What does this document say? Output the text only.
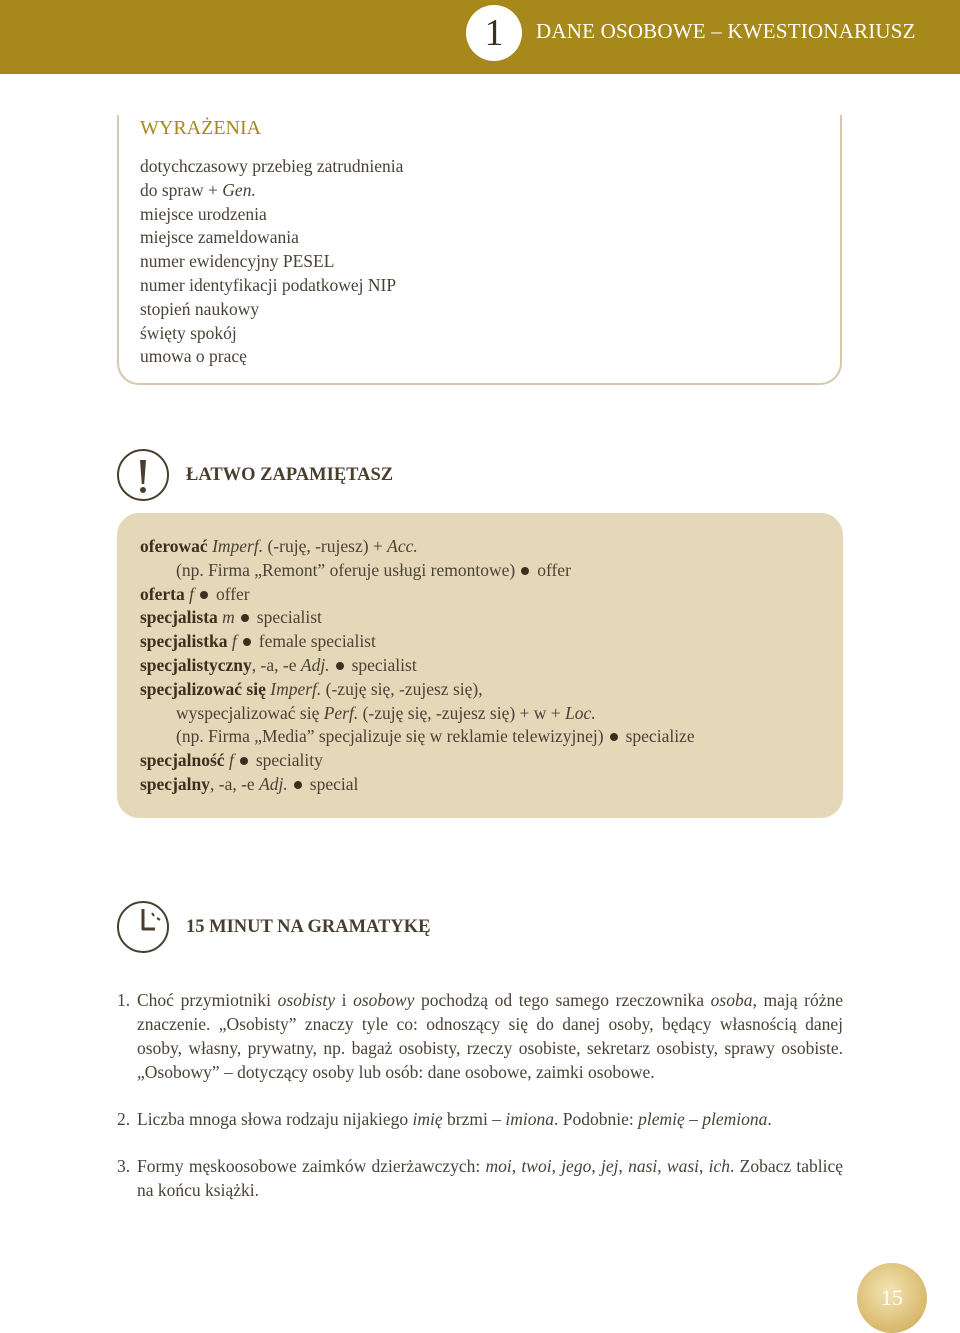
1	DANE OSOBOWE – KWESTIONARIUSZ
WYRAŻENIA
dotychczasowy przebieg zatrudnienia
do spraw + Gen.
miejsce urodzenia
miejsce zameldowania
numer ewidencyjny PESEL
numer identyfikacji podatkowej NIP
stopień naukowy
święty spokój
umowa o pracę
ŁATWO ZAPAMIĘTASZ
oferować Imperf. (-ruję, -rujesz) + Acc.
(np. Firma „Remont” oferuje usługi remontowe) offer
oferta f offer
specjalista m specialist
specjalistka f female specialist
specjalistyczny, -a, -e Adj. specialist
specjalizować się Imperf. (-zuję się, -zujesz się),
wyspecjalizować się Perf. (-zuję się, -zujesz się) + w + Loc.
(np. Firma „Media” specjalizuje się w reklamie telewizyjnej) specialize
specjalność f speciality
specjalny, -a, -e Adj. special
15 MINUT NA GRAMATYKĘ
1. Choć przymiotniki osobisty i osobowy pochodzą od tego samego rzeczownika osoba, mają różne znaczenie. „Osobisty” znaczy tyle co: odnoszący się do danej osoby, będący własnością danej osoby, własny, prywatny, np. bagaż osobisty, rzeczy osobiste, sekretarz osobisty, sprawy osobiste. „Osobowy” – dotyczący osoby lub osób: dane osobowe, zaimki osobowe.
2. Liczba mnoga słowa rodzaju nijakiego imię brzmi – imiona. Podobnie: plemię – plemiona.
3. Formy męskoosobowe zaimków dzierżawczych: moi, twoi, jego, jej, nasi, wasi, ich. Zobacz tablicę na końcu książki.
15
